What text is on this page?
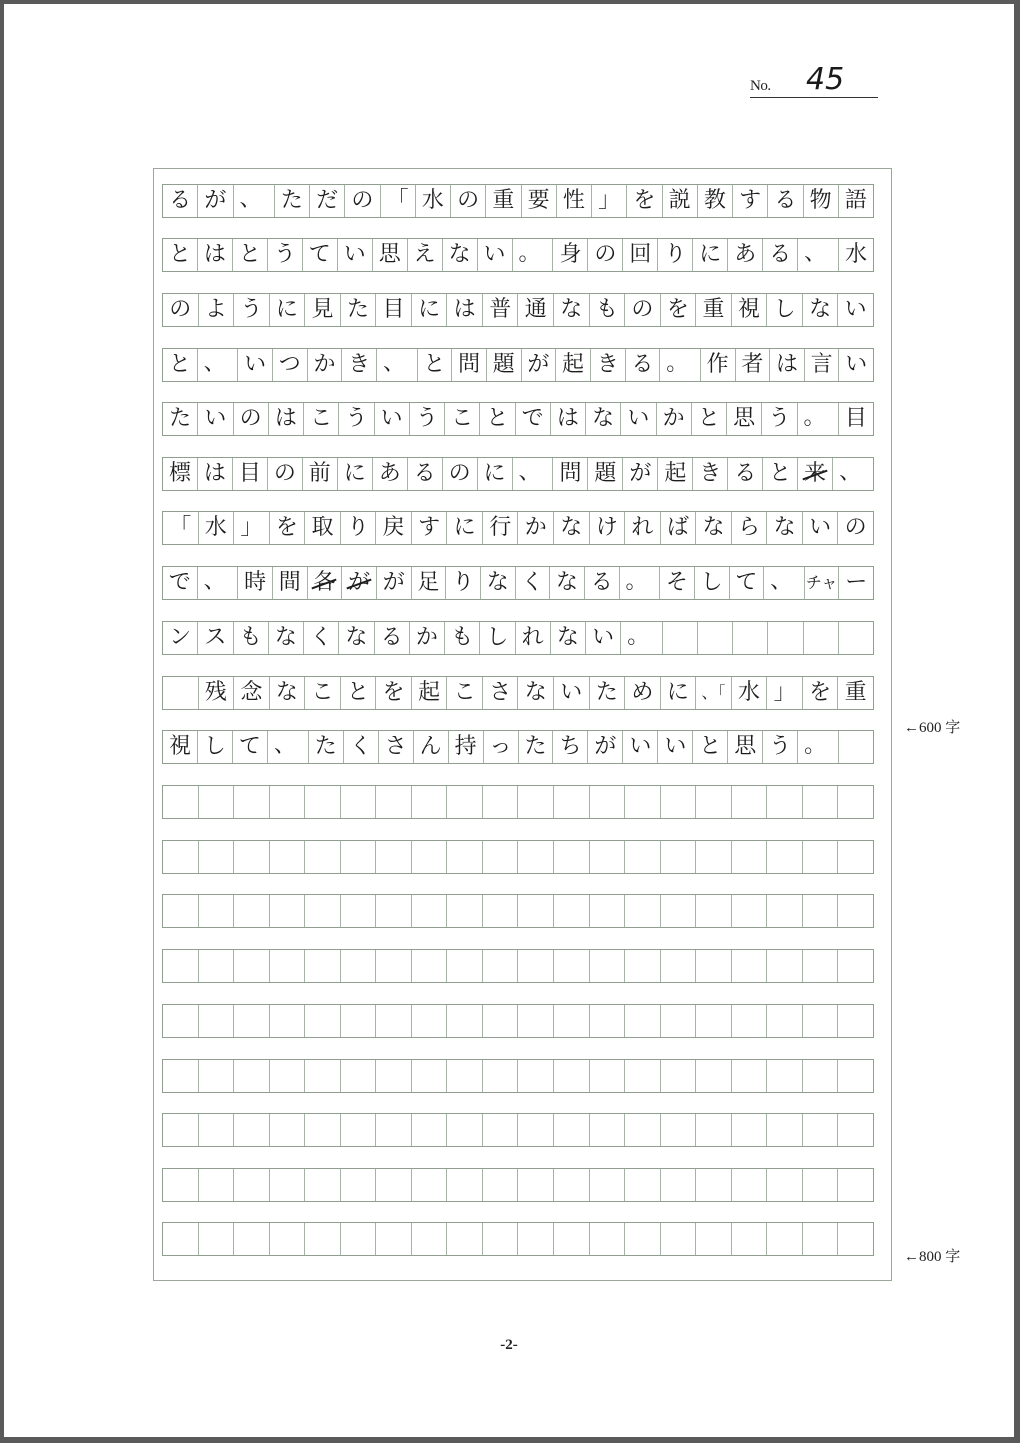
No. 45
る が 、 た だ の 「 水 の 重 要 性 」 を 説 教 す る 物 語
と は と う て い 思 え な い 。 身 の 回 り に あ る 、 水
の よ う に 見 た 目 に は 普 通 な も の を 重 視 し な い
と 、 い つ か き 、 と 問 題 が 起 き る 。 作 者 は 言 い
た い の は こ う い う こ と で は な い か と 思 う 。 目
標 は 目 の 前 に あ る の に 、 問 題 が 起 き る と 来 、
「 水 」 を 取 り 戻 す に 行 か な け れ ば な ら な い の
で 、 時 間 各 が が 足 り な く な る 。 そ し て 、 チャ ー
ン ス も な く な る か も し れ な い 。
残 念 な こ と を 起 こ さ な い た め に 、「 水 」 を 重
視 し て 、 た く さ ん 持 っ た ち が い い と 思 う 。
←600 字
←800 字
-2-
